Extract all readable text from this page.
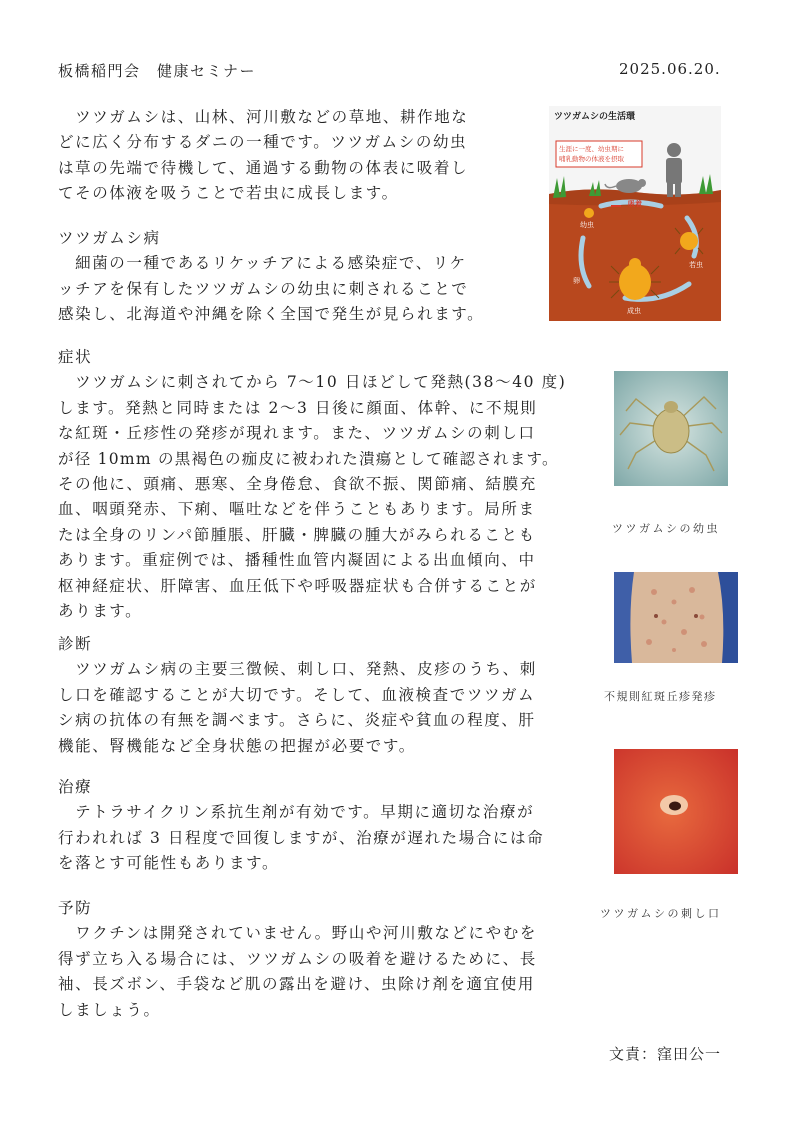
板橋稲門会　健康セミナー	2025.06.20.
　ツツガムシは、山林、河川敷などの草地、耕作地な
どに広く分布するダニの一種です。ツツガムシの幼虫
は草の先端で待機して、通過する動物の体表に吸着し
てその体液を吸うことで若虫に成長します。
ツツガムシ病
　細菌の一種であるリケッチアによる感染症で、リケ
ッチアを保有したツツガムシの幼虫に刺されることで
感染し、北海道や沖縄を除く全国で発生が見られます。
症状
　ツツガムシに刺されてから 7～10 日ほどして発熱(38～40 度)
します。発熱と同時または 2～3 日後に顔面、体幹、に不規則
な紅斑・丘疹性の発疹が現れます。また、ツツガムシの刺し口
が径 10mm の黒褐色の痂皮に被われた潰瘍として確認されます。
その他に、頭痛、悪寒、全身倦怠、食欲不振、関節痛、結膜充
血、咽頭発赤、下痢、嘔吐などを伴うこともあります。局所ま
たは全身のリンパ節腫脹、肝臓・脾臓の腫大がみられることも
あります。重症例では、播種性血管内凝固による出血傾向、中
枢神経症状、肝障害、血圧低下や呼吸器症状も合併することが
あります。
診断
　ツツガムシ病の主要三徴候、刺し口、発熱、皮疹のうち、刺
し口を確認することが大切です。そして、血液検査でツツガム
シ病の抗体の有無を調べます。さらに、炎症や貧血の程度、肝
機能、腎機能など全身状態の把握が必要です。
治療
　テトラサイクリン系抗生剤が有効です。早期に適切な治療が
行われれば 3 日程度で回復しますが、治療が遅れた場合には命
を落とす可能性もあります。
予防
　ワクチンは開発されていません。野山や河川敷などにやむを
得ず立ち入る場合には、ツツガムシの吸着を避けるために、長
袖、長ズボン、手袋など肌の露出を避け、虫除け剤を適宜使用
しましょう。
文責：窪田公一
ツツガムシの生活環
生涯に一度、幼虫期に
哺乳動物の体液を摂取
吸着
幼虫
若虫
成虫
卵
ツツガムシの幼虫
不規則紅斑丘疹発疹
ツツガムシの刺し口
